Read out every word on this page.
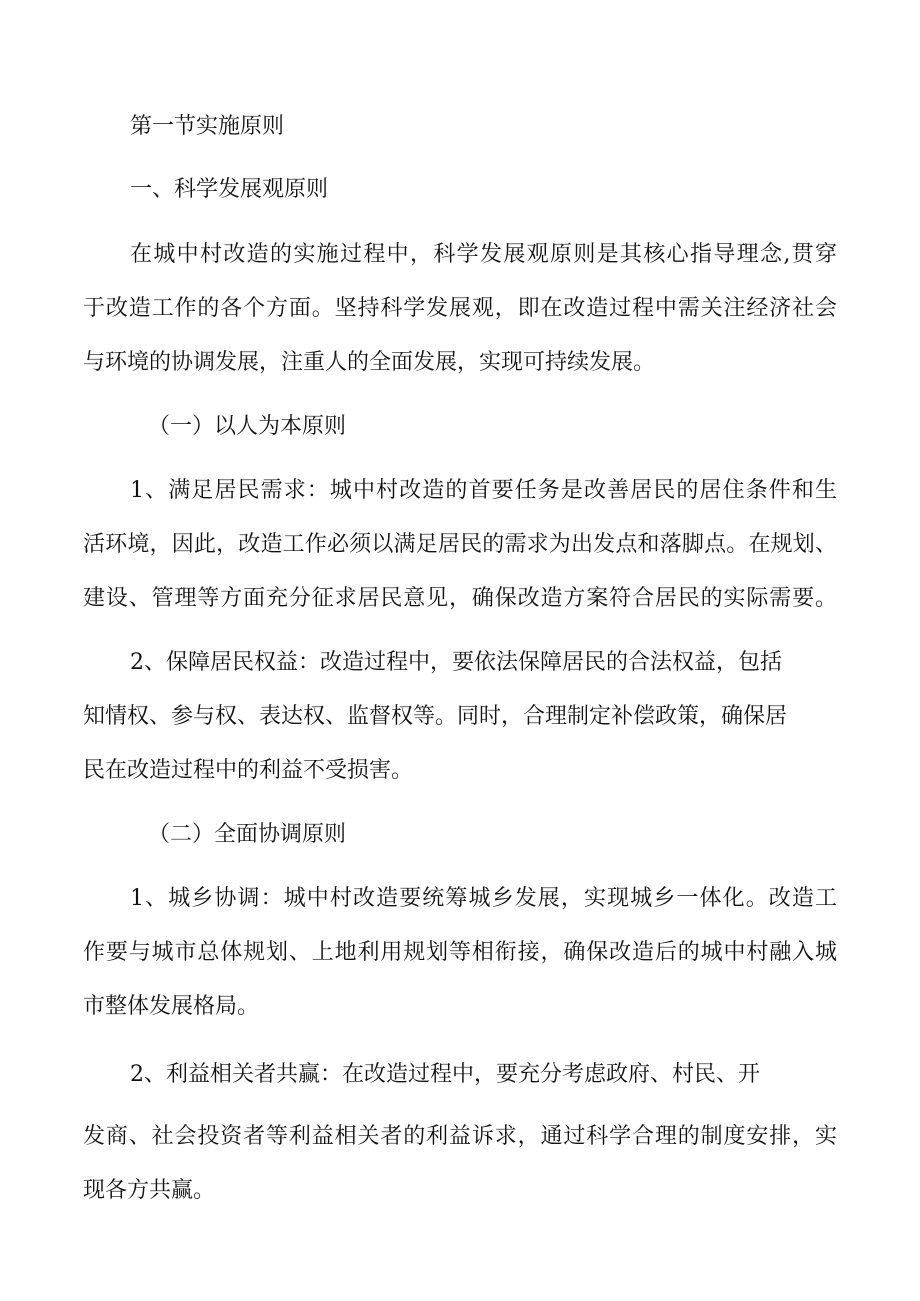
第一节实施原则
一、科学发展观原则
在城中村改造的实施过程中，科学发展观原则是其核心指导理念,贯穿
于改造工作的各个方面。坚持科学发展观，即在改造过程中需关注经济社会
与环境的协调发展，注重人的全面发展，实现可持续发展。
（一）以人为本原则
1、满足居民需求：城中村改造的首要任务是改善居民的居住条件和生
活环境，因此，改造工作必须以满足居民的需求为出发点和落脚点。在规划、
建设、管理等方面充分征求居民意见，确保改造方案符合居民的实际需要。
2、保障居民权益：改造过程中，要依法保障居民的合法权益，包括
知情权、参与权、表达权、监督权等。同时，合理制定补偿政策，确保居
民在改造过程中的利益不受损害。
（二）全面协调原则
1、城乡协调：城中村改造要统筹城乡发展，实现城乡一体化。改造工
作要与城市总体规划、上地利用规划等相衔接，确保改造后的城中村融入城
市整体发展格局。
2、利益相关者共赢：在改造过程中，要充分考虑政府、村民、开
发商、社会投资者等利益相关者的利益诉求，通过科学合理的制度安排，实
现各方共赢。
